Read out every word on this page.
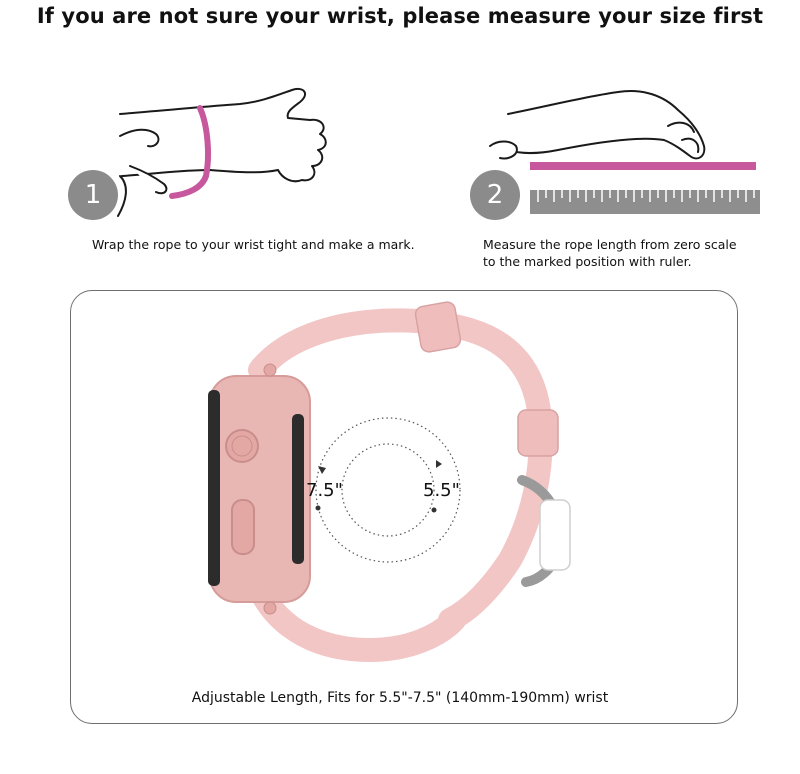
If you are not sure your wrist, please measure your size first
1	2
Wrap the rope to your wrist tight and make a mark.	Measure the rope length from zero scale
to the marked position with ruler.
7.5"	5.5"
Adjustable Length, Fits for 5.5"-7.5" (140mm-190mm) wrist
